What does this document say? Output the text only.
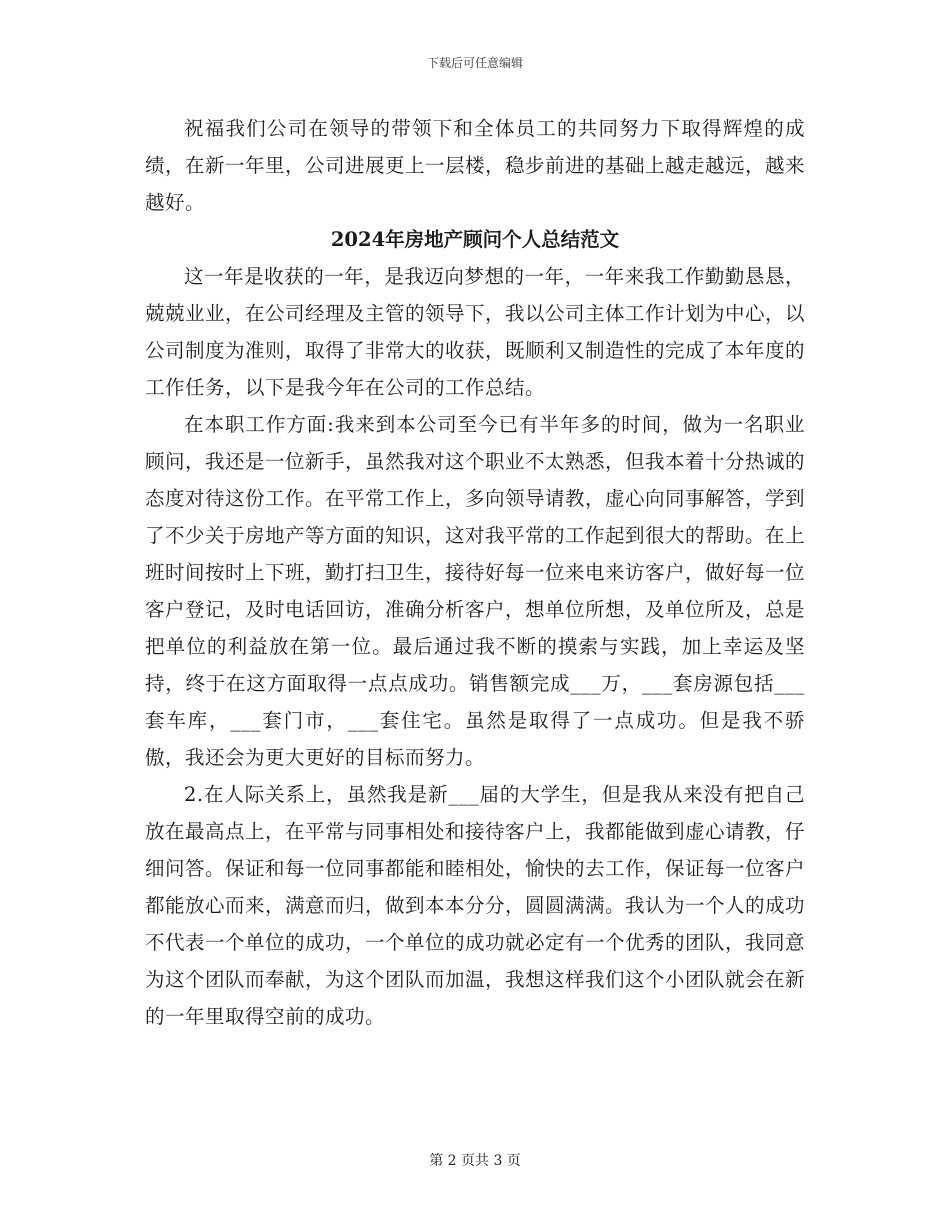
下载后可任意编辑

祝福我们公司在领导的带领下和全体员工的共同努力下取得辉煌的成绩，在新一年里，公司进展更上一层楼，稳步前进的基础上越走越远，越来越好。

2024年房地产顾问个人总结范文

这一年是收获的一年，是我迈向梦想的一年，一年来我工作勤勤恳恳，兢兢业业，在公司经理及主管的领导下，我以公司主体工作计划为中心，以公司制度为准则，取得了非常大的收获，既顺利又制造性的完成了本年度的工作任务，以下是我今年在公司的工作总结。

在本职工作方面:我来到本公司至今已有半年多的时间，做为一名职业顾问，我还是一位新手，虽然我对这个职业不太熟悉，但我本着十分热诚的态度对待这份工作。在平常工作上，多向领导请教，虚心向同事解答，学到了不少关于房地产等方面的知识，这对我平常的工作起到很大的帮助。在上班时间按时上下班，勤打扫卫生，接待好每一位来电来访客户，做好每一位客户登记，及时电话回访，准确分析客户，想单位所想，及单位所及，总是把单位的利益放在第一位。最后通过我不断的摸索与实践，加上幸运及坚持，终于在这方面取得一点点成功。销售额完成___万，___套房源包括___套车库，___套门市，___套住宅。虽然是取得了一点成功。但是我不骄傲，我还会为更大更好的目标而努力。

2.在人际关系上，虽然我是新___届的大学生，但是我从来没有把自己放在最高点上，在平常与同事相处和接待客户上，我都能做到虚心请教，仔细问答。保证和每一位同事都能和睦相处，愉快的去工作，保证每一位客户都能放心而来，满意而归，做到本本分分，圆圆满满。我认为一个人的成功不代表一个单位的成功，一个单位的成功就必定有一个优秀的团队，我同意为这个团队而奉献，为这个团队而加温，我想这样我们这个小团队就会在新的一年里取得空前的成功。

第 2 页共 3 页
